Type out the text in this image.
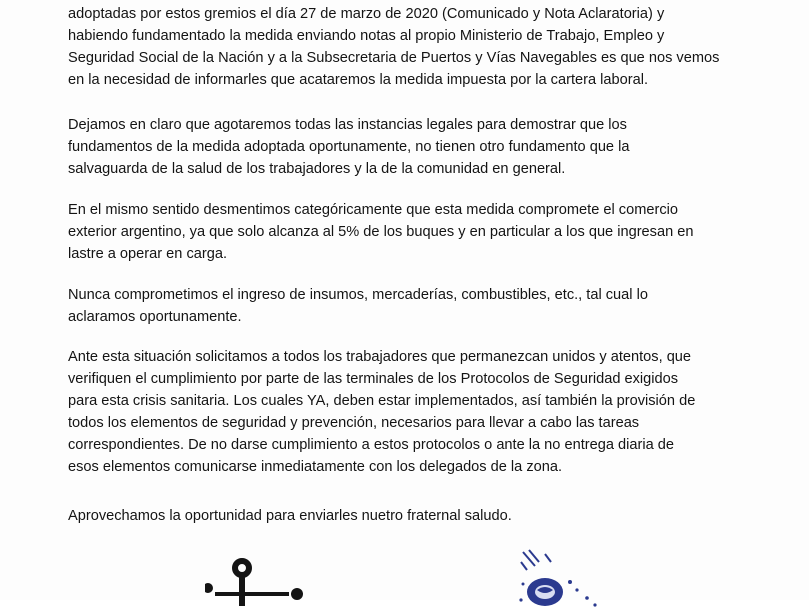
adoptadas por estos gremios el día 27 de marzo de 2020 (Comunicado y Nota Aclaratoria) y
habiendo fundamentado la medida enviando notas al propio Ministerio de Trabajo, Empleo y
Seguridad Social de la Nación y a la Subsecretaria de Puertos y Vías Navegables es que nos vemos
en la necesidad de informarles que acataremos la medida impuesta por la cartera laboral.

Dejamos en claro que agotaremos todas las instancias legales para demostrar que los
fundamentos de la medida adoptada oportunamente, no tienen otro fundamento que la
salvaguarda de la salud de los trabajadores y la de la comunidad en general.

En el mismo sentido desmentimos categóricamente que esta medida compromete el comercio
exterior argentino, ya que solo alcanza al 5% de los buques y en particular a los que ingresan en
lastre a operar en carga.

Nunca comprometimos el ingreso de insumos, mercaderías, combustibles, etc., tal cual lo
aclaramos oportunamente.

Ante esta situación solicitamos a todos los trabajadores que permanezcan unidos y atentos, que
verifiquen el cumplimiento por parte de las terminales de los Protocolos de Seguridad exigidos
para esta crisis sanitaria. Los cuales YA, deben estar implementados, así también la provisión de
todos los elementos de seguridad y prevención, necesarios para llevar a cabo las tareas
correspondientes. De no darse cumplimiento a estos protocolos o ante la no entrega diaria de
esos elementos comunicarse inmediatamente con los delegados de la zona.

Aprovechamos la oportunidad para enviarles nuetro fraternal saludo.
